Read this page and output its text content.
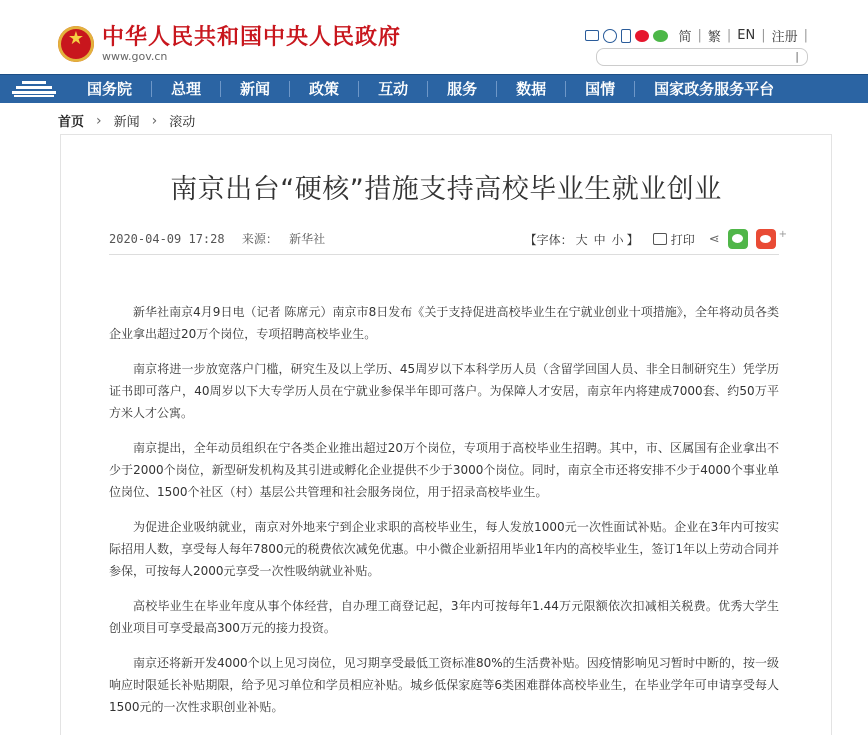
★
中华人民共和国中央人民政府
www.gov.cn
简 | 繁 | EN | 注册 |
|
国务院	总理	新闻	政策	互动	服务	数据	国情	国家政务服务平台
首页 › 新闻 › 滚动
南京出台“硬核”措施支持高校毕业生就业创业
2020-04-09 17:28 来源： 新华社	【字体： 大 中 小 】	打印 ⋖	+

新华社南京4月9日电（记者 陈席元）南京市8日发布《关于支持促进高校毕业生在宁就业创业十项措施》，全年将动员各类企业拿出超过20万个岗位，专项招聘高校毕业生。

南京将进一步放宽落户门槛，研究生及以上学历、45周岁以下本科学历人员（含留学回国人员、非全日制研究生）凭学历证书即可落户，40周岁以下大专学历人员在宁就业参保半年即可落户。为保障人才安居，南京年内将建成7000套、约50万平方米人才公寓。

南京提出，全年动员组织在宁各类企业推出超过20万个岗位，专项用于高校毕业生招聘。其中，市、区属国有企业拿出不少于2000个岗位，新型研发机构及其引进或孵化企业提供不少于3000个岗位。同时，南京全市还将安排不少于4000个事业单位岗位、1500个社区（村）基层公共管理和社会服务岗位，用于招录高校毕业生。

为促进企业吸纳就业，南京对外地来宁到企业求职的高校毕业生，每人发放1000元一次性面试补贴。企业在3年内可按实际招用人数，享受每人每年7800元的税费依次减免优惠。中小微企业新招用毕业1年内的高校毕业生，签订1年以上劳动合同并参保，可按每人2000元享受一次性吸纳就业补贴。

高校毕业生在毕业年度从事个体经营，自办理工商登记起，3年内可按每年1.44万元限额依次扣减相关税费。优秀大学生创业项目可享受最高300万元的接力投资。

南京还将新开发4000个以上见习岗位，见习期享受最低工资标准80%的生活费补贴。因疫情影响见习暂时中断的，按一级响应时限延长补贴期限，给予见习单位和学员相应补贴。城乡低保家庭等6类困难群体高校毕业生，在毕业学年可申请享受每人1500元的一次性求职创业补贴。
